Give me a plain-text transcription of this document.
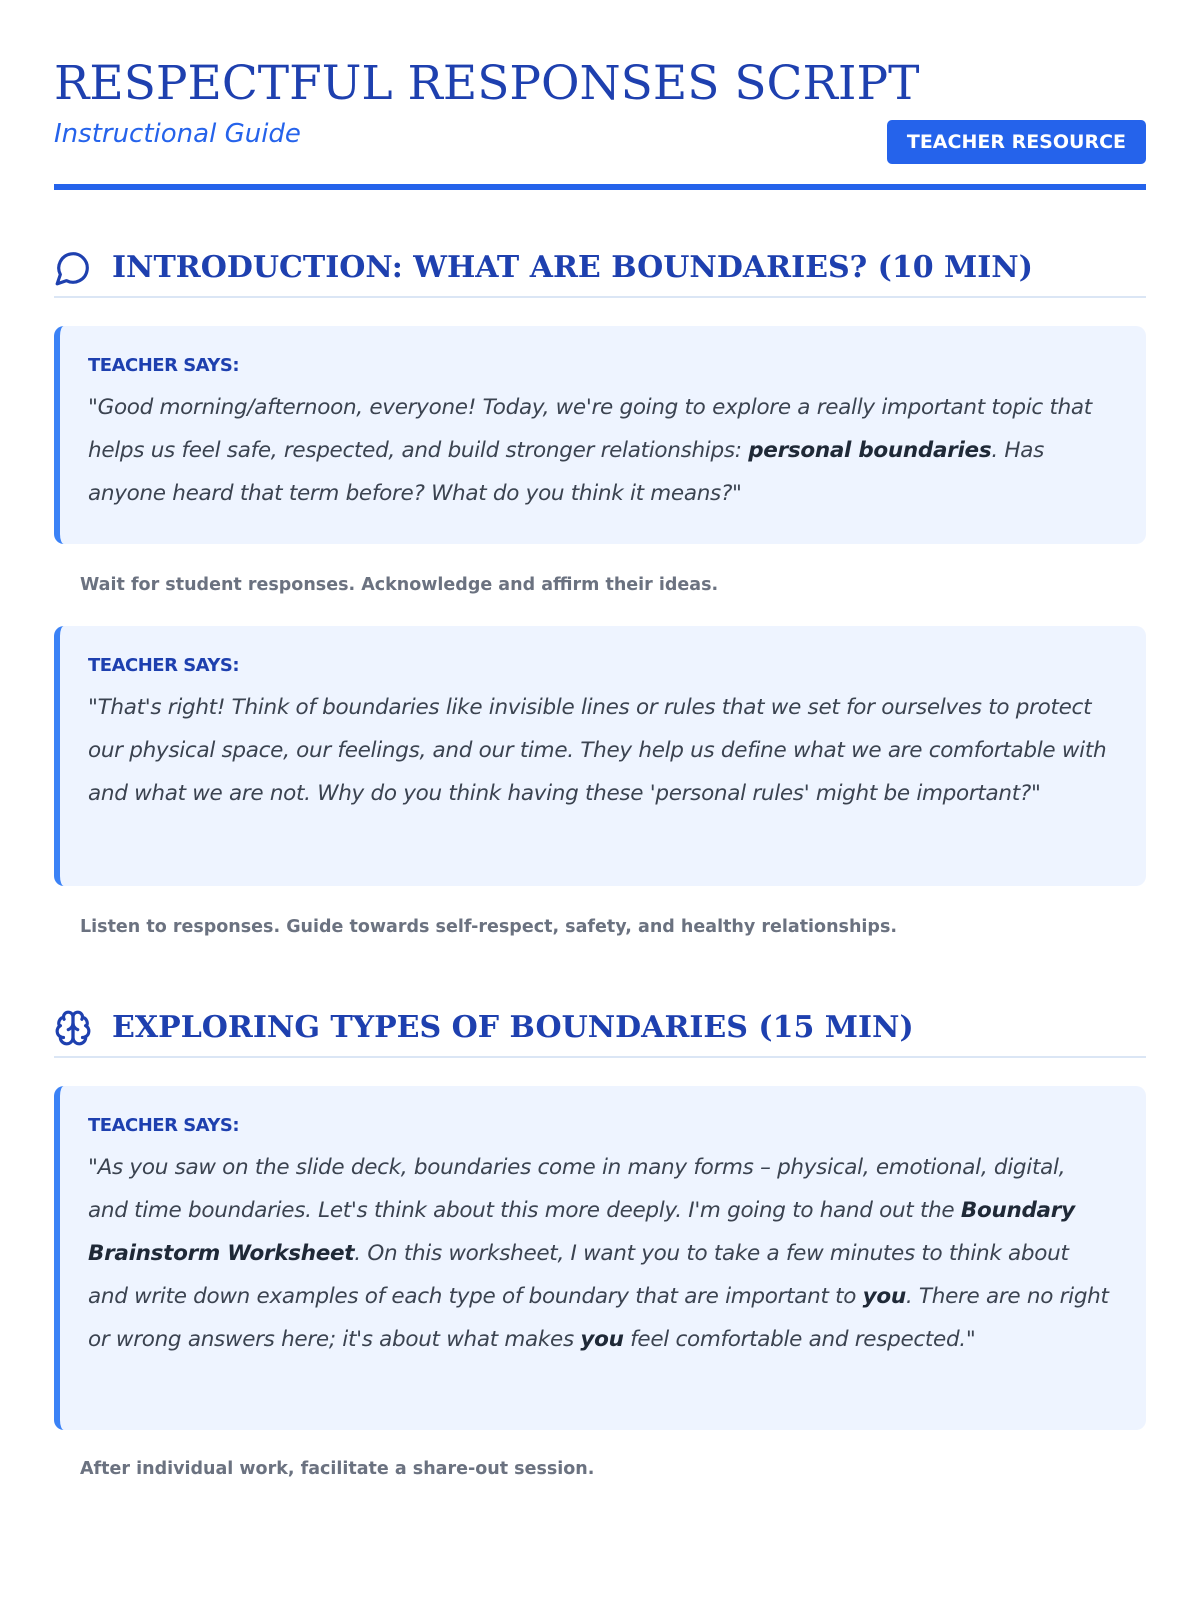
RESPECTFUL RESPONSES SCRIPT

Instructional Guide	TEACHER RESOURCE
INTRODUCTION: WHAT ARE BOUNDARIES? (10 MIN)
TEACHER SAYS:

"Good morning/afternoon, everyone! Today, we're going to explore a really important topic that helps us feel safe, respected, and build stronger relationships: personal boundaries. Has anyone heard that term before? What do you think it means?"

Wait for student responses. Acknowledge and affirm their ideas.
TEACHER SAYS:

"That's right! Think of boundaries like invisible lines or rules that we set for ourselves to protect our physical space, our feelings, and our time. They help us define what we are comfortable with and what we are not. Why do you think having these 'personal rules' might be important?"

Listen to responses. Guide towards self-respect, safety, and healthy relationships.
EXPLORING TYPES OF BOUNDARIES (15 MIN)
TEACHER SAYS:

"As you saw on the slide deck, boundaries come in many forms – physical, emotional, digital, and time boundaries. Let's think about this more deeply. I'm going to hand out the Boundary Brainstorm Worksheet. On this worksheet, I want you to take a few minutes to think about and write down examples of each type of boundary that are important to you. There are no right or wrong answers here; it's about what makes you feel comfortable and respected."

After individual work, facilitate a share-out session.
